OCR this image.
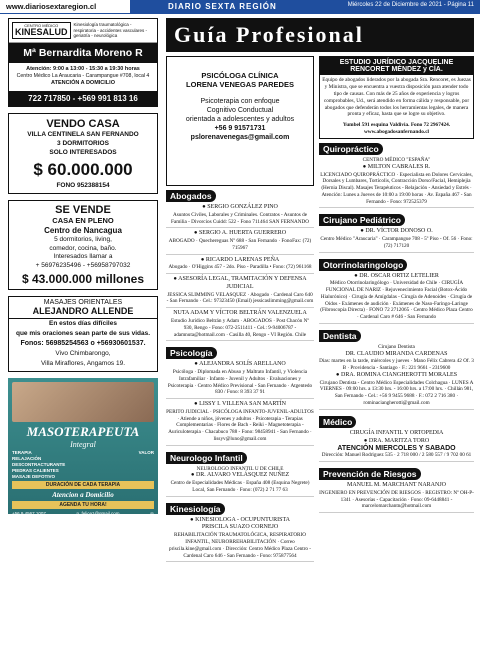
www.diariosextaregion.cl	DIARIO SEXTA REGIÓN	Miércoles 22 de Diciembre de 2021 - Página 11
CENTRO MÉDICO
KINESALUD
Kinesiología traumatológica - respiratoria - accidentes vasculares - geriatría - neurológica
Mª Bernardita Moreno R
Atención: 9:00 a 13:00 - 15:30 a 19:30 horas
Centro Médico La Araucaria - Carampangue #708, local 4
ATENCIÓN A DOMICILIO
722 717850 - +569 991 813 16
VENDO CASA

VILLA CENTINELA SAN FERNANDO

3 DORMITORIOS

SOLO INTERESADOS

$ 60.000.000

FONO 952388154

SE VENDE

CASA EN PLENO

Centro de Nancagua

5 dormitorios, living,

comedor, cocina, baño.

Interesados llamar a

+ 56976235496 - +56958797032

$ 43.000.000 millones
MASAJES ORIENTALES
ALEJANDRO ALLENDE

En estos días difíciles

que mis oraciones sean parte de sus vidas.

Fonos: 56985254563 o +56930601537.

Vivo Chimbarongo,

Villa Miraflores, Angamos 19.

MASOTERAPEUTA
Integral
TERAPIA	VALOR
RELAJACIÓN
DESCONTRACTURANTE
PIEDRAS CALIENTES
MASAJE DEFOTIVO
DURACIÓN DE CADA TERAPIA
Atencion a Domicilio
AGENDA TU HORA!
+56 9 4567 1007	p_felice1@gmail.com	◎
Guía Profesional
PSICÓLOGA CLÍNICA
LORENA VENEGAS PAREDES

Psicoterapia con enfoque

Cognitivo Conductual

orientada a adolescentes y adultos

+56 9 91571731

pslorenavenegas@gmail.com

Abogados
● SERGIO GONZÁLEZ PINO
Asuntos Civiles, Laborales y Criminales. Contratos - Asuntos de Familia - Divorcios Cuidd: 522 - Fono 711464 SAN FERNANDO
● SERGIO A. HUERTA GUERRERO
ABOGADO · Quechereguas Nº 688 - San Fernando · FonoFax: (72) 715967
● RICARDO LARENAS PEÑA
Abogado · O'Higgins 457 - 2do. Piso - Paradilla • Fono: (72) 961168
● ASESORÍA LEGAL, TRAMITACIÓN Y DEFENSA JUDICIAL
JESSICA SLIMMING VELASQUEZ · Abogado · Cardenal Caro 640 - San Fernando · Cel.: 97323450 (Email) jessicaslimming@gmail.com
NUTA ADAM Y VÍCTOR BELTRÁN VALENZUELA
Estudio Jurídico Beltrán y Adam · ABOGADOS · Post Chacón Nº 930, Rengo - Fono: 072-2511411 - Cel.: 9-94006787 - adamnuta@hotmail.com · Casilla 40, Rengo - VI Región. Chile
Psicología
● ALEJANDRA SOLÍS ARELLANO
Psicóloga · Diplomada en Abuso y Maltrato Infantil, y Violencia Intrafamiliar · Infanto - Juvenil y Adultos · Evaluaciones y Psicoterapia · Centro Médico Previsional - San Fernando · Atgentedo 830 / Fono: 8 393 37 91
● LISSY I. VILLENA SAN MARTÍN
PERITO JUDICIAL · PSICÓLOGA INFANTO-JUVENIL-ADULTOS · Atiende a niños, jóvenes y adultos · Psicoterapia - Terapias Complementarias · Flores de Bach - Reiki - Magnetoterapia - Auriculoterapia · Chacabuco 788 - Fono: 98458941 - San Fernando · lissyv@luno@gmail.com
Neurologo Infantil
NEUROLOGO INFANTIL U DE CHILE
● DR. ALVARO VELÁSQUEZ NUÑEZ
Centro de Especialidades Médicas · España 408 (Esquina Negrete) Local, San Fernando · Fono: (072) 2 71 77 63
Kinesiología
● KINESIOLOGA - OCUPUNTURISTA
PRISCILA SUAZO CORNEJO
REHABILITACIÓN TRAUMATOLÓGICA, RESPIRATORIO INFANTIL, NEURORREHABILITACIÓN · Correo priscila.kine@gmail.com · Dirección: Centro Médico Plaza Centro - Cardenal Caro 646 - San Fernando - Fono: 975877564
ESTUDIO JURÍDICO JACQUELINE RENCORET MÉNDEZ y CÍA.

Equipo de abogados liderados por la abogada Sra. Rencoret, es Juezas y Ministra, que se encuentra a vuestra disposición para atender todo tipo de causas. Con más de 25 años de experiencia y logros comprobables, Ud., será atendido en forma cálida y responsable, por abogados que defenderán todos los herramientas legales, de manera pronta y eficaz, hasta que se logre su objetivo.

Yumbel 591 esquina Valdivia. Fono 72 2967424. www.abogadosanfernando.cl

Quiropráctico
CENTRO MÉDICO "ESPAÑA"
● MILTON CABRALES R.
LICENCIADO QUIROPRÁCTICO · Especialista en Dolores Cervicales, Dorsales y Lumbares, Tortícolis, Contracción Dorso/Facial, Hemiplejia (Hernia Discal). Masajes Terapéuticos - Relajación - Ansiedad y Estrés · Atención: Lunes a Jueves de 10:00 a 19:00 horas · Av. España 467 - San Fernando - Fono: 972525379
Cirujano Pediátrico
● DR. VÍCTOR DONOSO O.
Centro Médico "Araucaria" · Carampangue 708 - 5º Piso - Of. 56 · Fono: (72) 717120
Otorrinolaringologo
● DR. OSCAR ORTIZ LETELIER
Médico Otorrinolaringólogo · Universidad de Chile · CIRUGÍA FUNCIONAL DE NARIZ · Rejuvenecimiento Facial (Botox-Ácido Hialurónico) · Cirugía de Amígdalas - Cirugía de Adenoides · Cirugía de Oídos - Exámenes de audición · Exámenes de Naso-Faringo-Laringe (Fibroscopía Directa) · FONO 72 2712065 · Centro Médico Plaza Centro · Cardenal Caro # 646 - San Fernando
Dentista
Cirujano Dentista
DR. CLAUDIO MIRANDA CARDENAS
Dias: martes en la tarde, miércoles y jueves · Mano Félix Cabrera 42 Of. 3 B · Providencia - Santiago · F.: 221 9661 - 2319600
● DRA. ROMINA CIANGHEROTTI MORALES
Cirujano Dentista - Centro Médico Especialidades Colchagua · LUNES A VIERNES · 09:00 hrs. a 13:30 hrs. - 16:00 hrs. a 17:00 hrs. · Chillán 981, San Fernando - Cel.: +56 9 9455 9688 · F.: 072 2 716 380 · rominaciangherotti@gmail.com
Médico
CIRUGÍA INFANTIL Y ORTOPEDIA
● DRA. MARITZA TORO
ATENCIÓN MIERCOLES Y SABADO
Dirección: Manuel Rodriguez 535 · 2 718 000 / 2 580 557 / 9 702 00 61
Prevención de Riesgos
MANUEL M. MARCHANT NARANJO
INGENIERO EN PREVENCIÓN DE RIESGOS · REGISTRO: Nº OH-P-1341 · Asesorías - Capacitación · Fono: 09-6448841 - marcelomarchantn@hotmail.com
